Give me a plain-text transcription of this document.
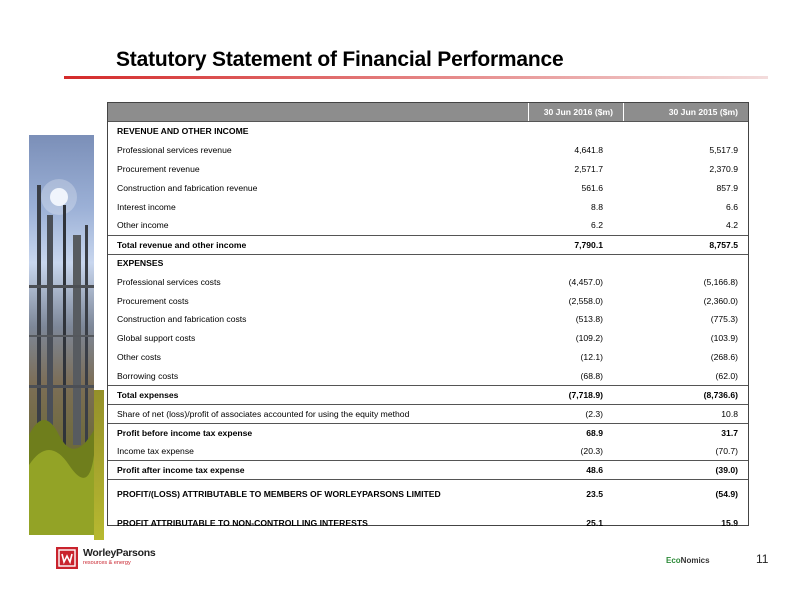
Statutory Statement of Financial Performance
30 Jun 2016 ($m)	30 Jun 2015 ($m)
REVENUE AND OTHER INCOME
Professional services revenue	4,641.8	5,517.9
Procurement revenue	2,571.7	2,370.9
Construction and fabrication revenue	561.6	857.9
Interest income	8.8	6.6
Other income	6.2	4.2
Total revenue and other income	7,790.1	8,757.5
EXPENSES
Professional services costs	(4,457.0)	(5,166.8)
Procurement costs	(2,558.0)	(2,360.0)
Construction and fabrication costs	(513.8)	(775.3)
Global support costs	(109.2)	(103.9)
Other costs	(12.1)	(268.6)
Borrowing costs	(68.8)	(62.0)
Total expenses	(7,718.9)	(8,736.6)
Share of net (loss)/profit of associates accounted for using the equity method	(2.3)	10.8
Profit before income tax expense	68.9	31.7
Income tax expense	(20.3)	(70.7)
Profit after income tax expense	48.6	(39.0)
PROFIT/(LOSS) ATTRIBUTABLE TO MEMBERS OF WORLEYPARSONS LIMITED	23.5	(54.9)
PROFIT ATTRIBUTABLE TO NON-CONTROLLING INTERESTS	25.1	15.9
WorleyParsons
resources & energy	EcoNomics	11
